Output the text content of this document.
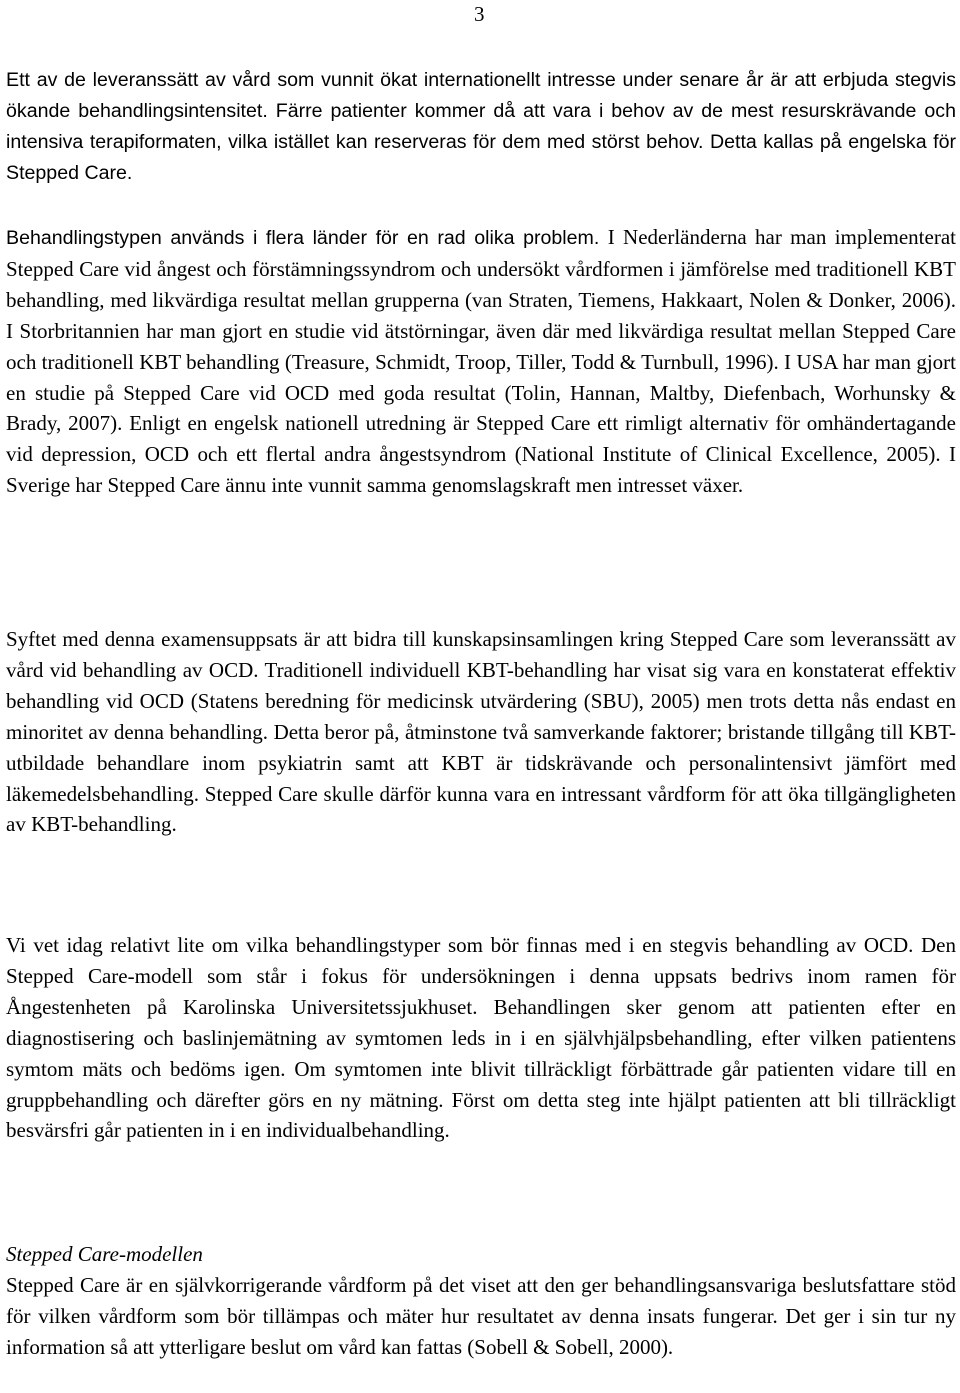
3

Ett av de leveranssätt av vård som vunnit ökat internationellt intresse under senare år är att erbjuda stegvis ökande behandlingsintensitet. Färre patienter kommer då att vara i behov av de mest resurskrävande och intensiva terapiformaten, vilka istället kan reserveras för dem med störst behov. Detta kallas på engelska för Stepped Care.

Behandlingstypen används i flera länder för en rad olika problem. I Nederländerna har man implementerat Stepped Care vid ångest och förstämningssyndrom och undersökt vårdformen i jämförelse med traditionell KBT behandling, med likvärdiga resultat mellan grupperna (van Straten, Tiemens, Hakkaart, Nolen & Donker, 2006). I Storbritannien har man gjort en studie vid ätstörningar, även där med likvärdiga resultat mellan Stepped Care och traditionell KBT behandling (Treasure, Schmidt, Troop, Tiller, Todd & Turnbull, 1996). I USA har man gjort en studie på Stepped Care vid OCD med goda resultat (Tolin, Hannan, Maltby, Diefenbach, Worhunsky & Brady, 2007). Enligt en engelsk nationell utredning är Stepped Care ett rimligt alternativ för omhändertagande vid depression, OCD och ett flertal andra ångestsyndrom (National Institute of Clinical Excellence, 2005). I Sverige har Stepped Care ännu inte vunnit samma genomslagskraft men intresset växer.

Syftet med denna examensuppsats är att bidra till kunskapsinsamlingen kring Stepped Care som leveranssätt av vård vid behandling av OCD. Traditionell individuell KBT-behandling har visat sig vara en konstaterat effektiv behandling vid OCD (Statens beredning för medicinsk utvärdering (SBU), 2005) men trots detta nås endast en minoritet av denna behandling. Detta beror på, åtminstone två samverkande faktorer; bristande tillgång till KBT-utbildade behandlare inom psykiatrin samt att KBT är tidskrävande och personalintensivt jämfört med läkemedelsbehandling. Stepped Care skulle därför kunna vara en intressant vårdform för att öka tillgängligheten av KBT-behandling.

Vi vet idag relativt lite om vilka behandlingstyper som bör finnas med i en stegvis behandling av OCD. Den Stepped Care-modell som står i fokus för undersökningen i denna uppsats bedrivs inom ramen för Ångestenheten på Karolinska Universitetssjukhuset. Behandlingen sker genom att patienten efter en diagnostisering och baslinjemätning av symtomen leds in i en självhjälpsbehandling, efter vilken patientens symtom mäts och bedöms igen. Om symtomen inte blivit tillräckligt förbättrade går patienten vidare till en gruppbehandling och därefter görs en ny mätning. Först om detta steg inte hjälpt patienten att bli tillräckligt besvärsfri går patienten in i en individualbehandling.

Stepped Care-modellen

Stepped Care är en självkorrigerande vårdform på det viset att den ger behandlingsansvariga beslutsfattare stöd för vilken vårdform som bör tillämpas och mäter hur resultatet av denna insats fungerar. Det ger i sin tur ny information så att ytterligare beslut om vård kan fattas (Sobell & Sobell, 2000).
